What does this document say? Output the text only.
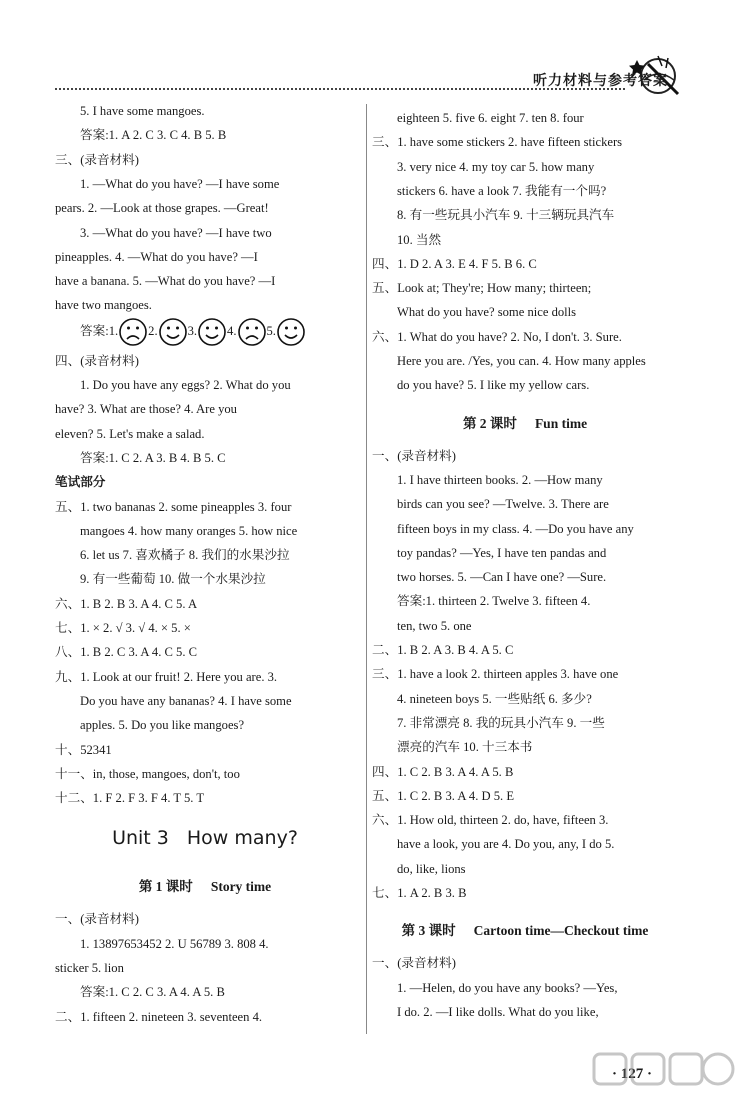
听力材料与参考答案
5. I have some mangoes.
答案:1. A 2. C 3. C 4. B 5. B
三、(录音材料)
1. —What do you have? —I have some
pears. 2. —Look at those grapes. —Great!
3. —What do you have? —I have two
pineapples. 4. —What do you have? —I
have a banana. 5. —What do you have? —I
have two mangoes.
答案:1. 2. 3. 4. 5.
四、(录音材料)
1. Do you have any eggs? 2. What do you
have? 3. What are those? 4. Are you
eleven? 5. Let's make a salad.
答案:1. C 2. A 3. B 4. B 5. C
笔试部分
五、1. two bananas 2. some pineapples 3. four
mangoes 4. how many oranges 5. how nice
6. let us 7. 喜欢橘子 8. 我们的水果沙拉
9. 有一些葡萄 10. 做一个水果沙拉
六、1. B 2. B 3. A 4. C 5. A
七、1. × 2. √ 3. √ 4. × 5. ×
八、1. B 2. C 3. A 4. C 5. C
九、1. Look at our fruit! 2. Here you are. 3.
Do you have any bananas? 4. I have some
apples. 5. Do you like mangoes?
十、52341
十一、in, those, mangoes, don't, too
十二、1. F 2. F 3. F 4. T 5. T
Unit 3 How many?
第 1 课时 Story time
一、(录音材料)
1. 13897653452 2. U 56789 3. 808 4.
sticker 5. lion
答案:1. C 2. C 3. A 4. A 5. B
二、1. fifteen 2. nineteen 3. seventeen 4.
eighteen 5. five 6. eight 7. ten 8. four
三、1. have some stickers 2. have fifteen stickers
3. very nice 4. my toy car 5. how many
stickers 6. have a look 7. 我能有一个吗?
8. 有一些玩具小汽车 9. 十三辆玩具汽车
10. 当然
四、1. D 2. A 3. E 4. F 5. B 6. C
五、Look at; They're; How many; thirteen;
What do you have? some nice dolls
六、1. What do you have? 2. No, I don't. 3. Sure.
Here you are. /Yes, you can. 4. How many apples
do you have? 5. I like my yellow cars.
第 2 课时 Fun time
一、(录音材料)
1. I have thirteen books. 2. —How many
birds can you see? —Twelve. 3. There are
fifteen boys in my class. 4. —Do you have any
toy pandas? —Yes, I have ten pandas and
two horses. 5. —Can I have one? —Sure.
答案:1. thirteen 2. Twelve 3. fifteen 4.
ten, two 5. one
二、1. B 2. A 3. B 4. A 5. C
三、1. have a look 2. thirteen apples 3. have one
4. nineteen boys 5. 一些贴纸 6. 多少?
7. 非常漂亮 8. 我的玩具小汽车 9. 一些
漂亮的汽车 10. 十三本书
四、1. C 2. B 3. A 4. A 5. B
五、1. C 2. B 3. A 4. D 5. E
六、1. How old, thirteen 2. do, have, fifteen 3.
have a look, you are 4. Do you, any, I do 5.
do, like, lions
七、1. A 2. B 3. B
第 3 课时 Cartoon time—Checkout time
一、(录音材料)
1. —Helen, do you have any books? —Yes,
I do. 2. —I like dolls. What do you like,
· 127 ·
